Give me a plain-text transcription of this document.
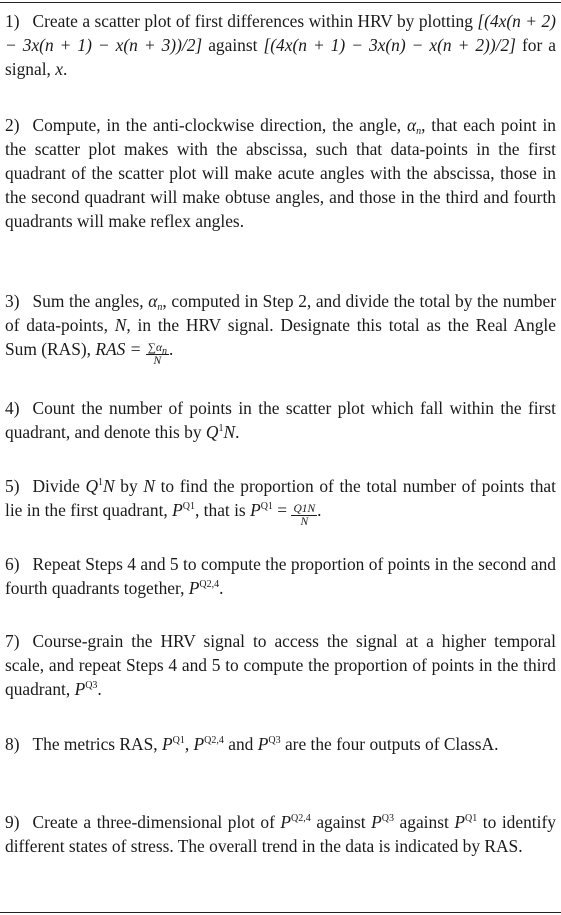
1) Create a scatter plot of first differences within HRV by plotting [(4x(n + 2) − 3x(n + 1) − x(n + 3))/2] against [(4x(n + 1) − 3x(n) − x(n + 2))/2] for a signal, x.

2) Compute, in the anti-clockwise direction, the angle, $\alpha_n$, that each point in the scatter plot makes with the abscissa, such that data-points in the first quadrant of the scatter plot will make acute angles with the abscissa, those in the second quadrant will make obtuse angles, and those in the third and fourth quadrants will make reflex angles.

3) Sum the angles, $\alpha_n$, computed in Step 2, and divide the total by the number of data-points, N, in the HRV signal. Designate this total as the Real Angle Sum (RAS), RAS = $\frac{\sum\alpha n}{N}$ .

4) Count the number of points in the scatter plot which fall within the first quadrant, and denote this by $Q^1N$.

5) Divide $Q^1N$ by N to find the proportion of the total number of points that lie in the first quadrant, $P^{Q1}$, that is $P^{Q1} = \frac{Q1N}{N}$ .

6) Repeat Steps 4 and 5 to compute the proportion of points in the second and fourth quadrants together, $P^{Q2,4}$.

7) Course-grain the HRV signal to access the signal at a higher temporal scale, and repeat Steps 4 and 5 to compute the proportion of points in the third quadrant, $P^{Q3}$.

8) The metrics RAS, $P^{Q1}$, $P^{Q2,4}$ and $P^{Q3}$ are the four outputs of ClassA.

9) Create a three-dimensional plot of $P^{Q2,4}$ against $P^{Q3}$ against $P^{Q1}$ to identify different states of stress. The overall trend in the data is indicated by RAS.
